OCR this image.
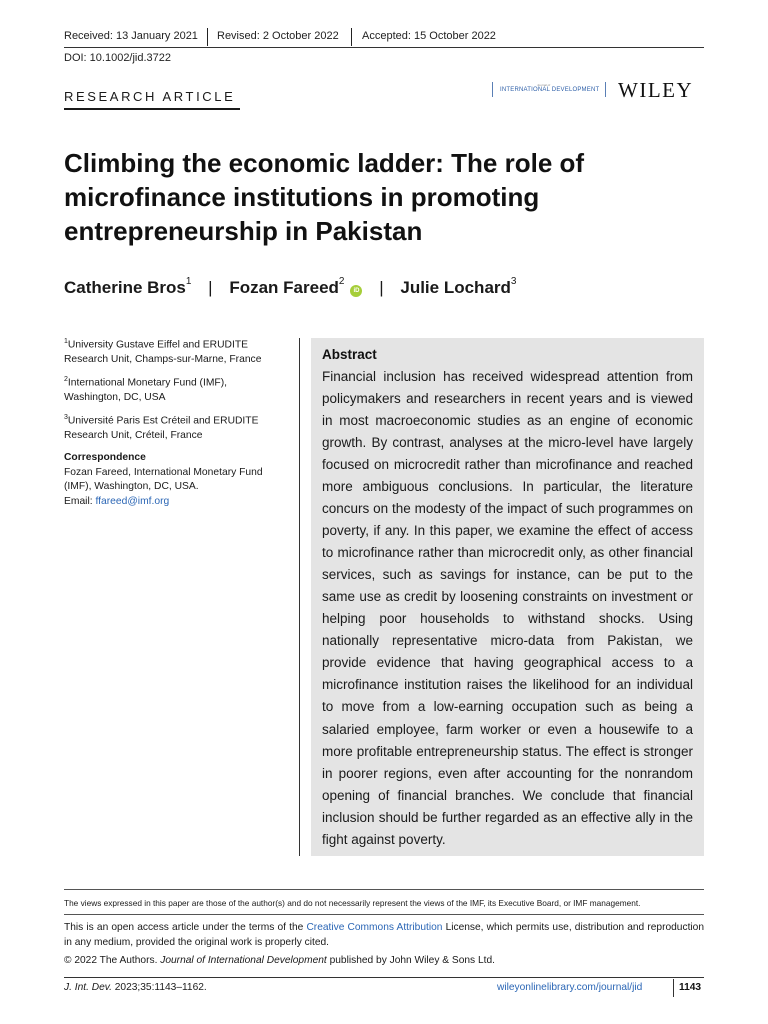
Received: 13 January 2021 Revised: 2 October 2022 Accepted: 15 October 2022
DOI: 10.1002/jid.3722
RESEARCH ARTICLE
Journal of
INTERNATIONAL DEVELOPMENT WILEY
Climbing the economic ladder: The role of microfinance institutions in promoting entrepreneurship in Pakistan
Catherine Bros$^1$ | Fozan Fareed$^2$iD | Julie Lochard$^3$
$^1$University Gustave Eiffel and ERUDITE Research Unit, Champs-sur-Marne, France
$^2$International Monetary Fund (IMF), Washington, DC, USA
$^3$Université Paris Est Créteil and ERUDITE Research Unit, Créteil, France
Correspondence
Fozan Fareed, International Monetary Fund (IMF), Washington, DC, USA.
Email: ffareed@imf.org
Abstract

Financial inclusion has received widespread attention from policymakers and researchers in recent years and is viewed in most macroeconomic studies as an engine of economic growth. By contrast, analyses at the micro-level have largely focused on microcredit rather than microfinance and reached more ambiguous conclusions. In particular, the literature concurs on the modesty of the impact of such programmes on poverty, if any. In this paper, we examine the effect of access to microfinance rather than microcredit only, as other financial services, such as savings for instance, can be put to the same use as credit by loosening constraints on investment or helping poor households to withstand shocks. Using nationally representative micro-data from Pakistan, we provide evidence that having geographical access to a microfinance institution raises the likelihood for an individual to move from a low-earning occupation such as being a salaried employee, farm worker or even a housewife to a more profitable entrepreneurship status. The effect is stronger in poorer regions, even after accounting for the nonrandom opening of financial branches. We conclude that financial inclusion should be further regarded as an effective ally in the fight against poverty.

The views expressed in this paper are those of the author(s) and do not necessarily represent the views of the IMF, its Executive Board, or IMF management.

This is an open access article under the terms of the Creative Commons Attribution License, which permits use, distribution and reproduction in any medium, provided the original work is properly cited.

© 2022 The Authors. Journal of International Development published by John Wiley & Sons Ltd.
J. Int. Dev. 2023;35:1143–1162.	wileyonlinelibrary.com/journal/jid	1143
